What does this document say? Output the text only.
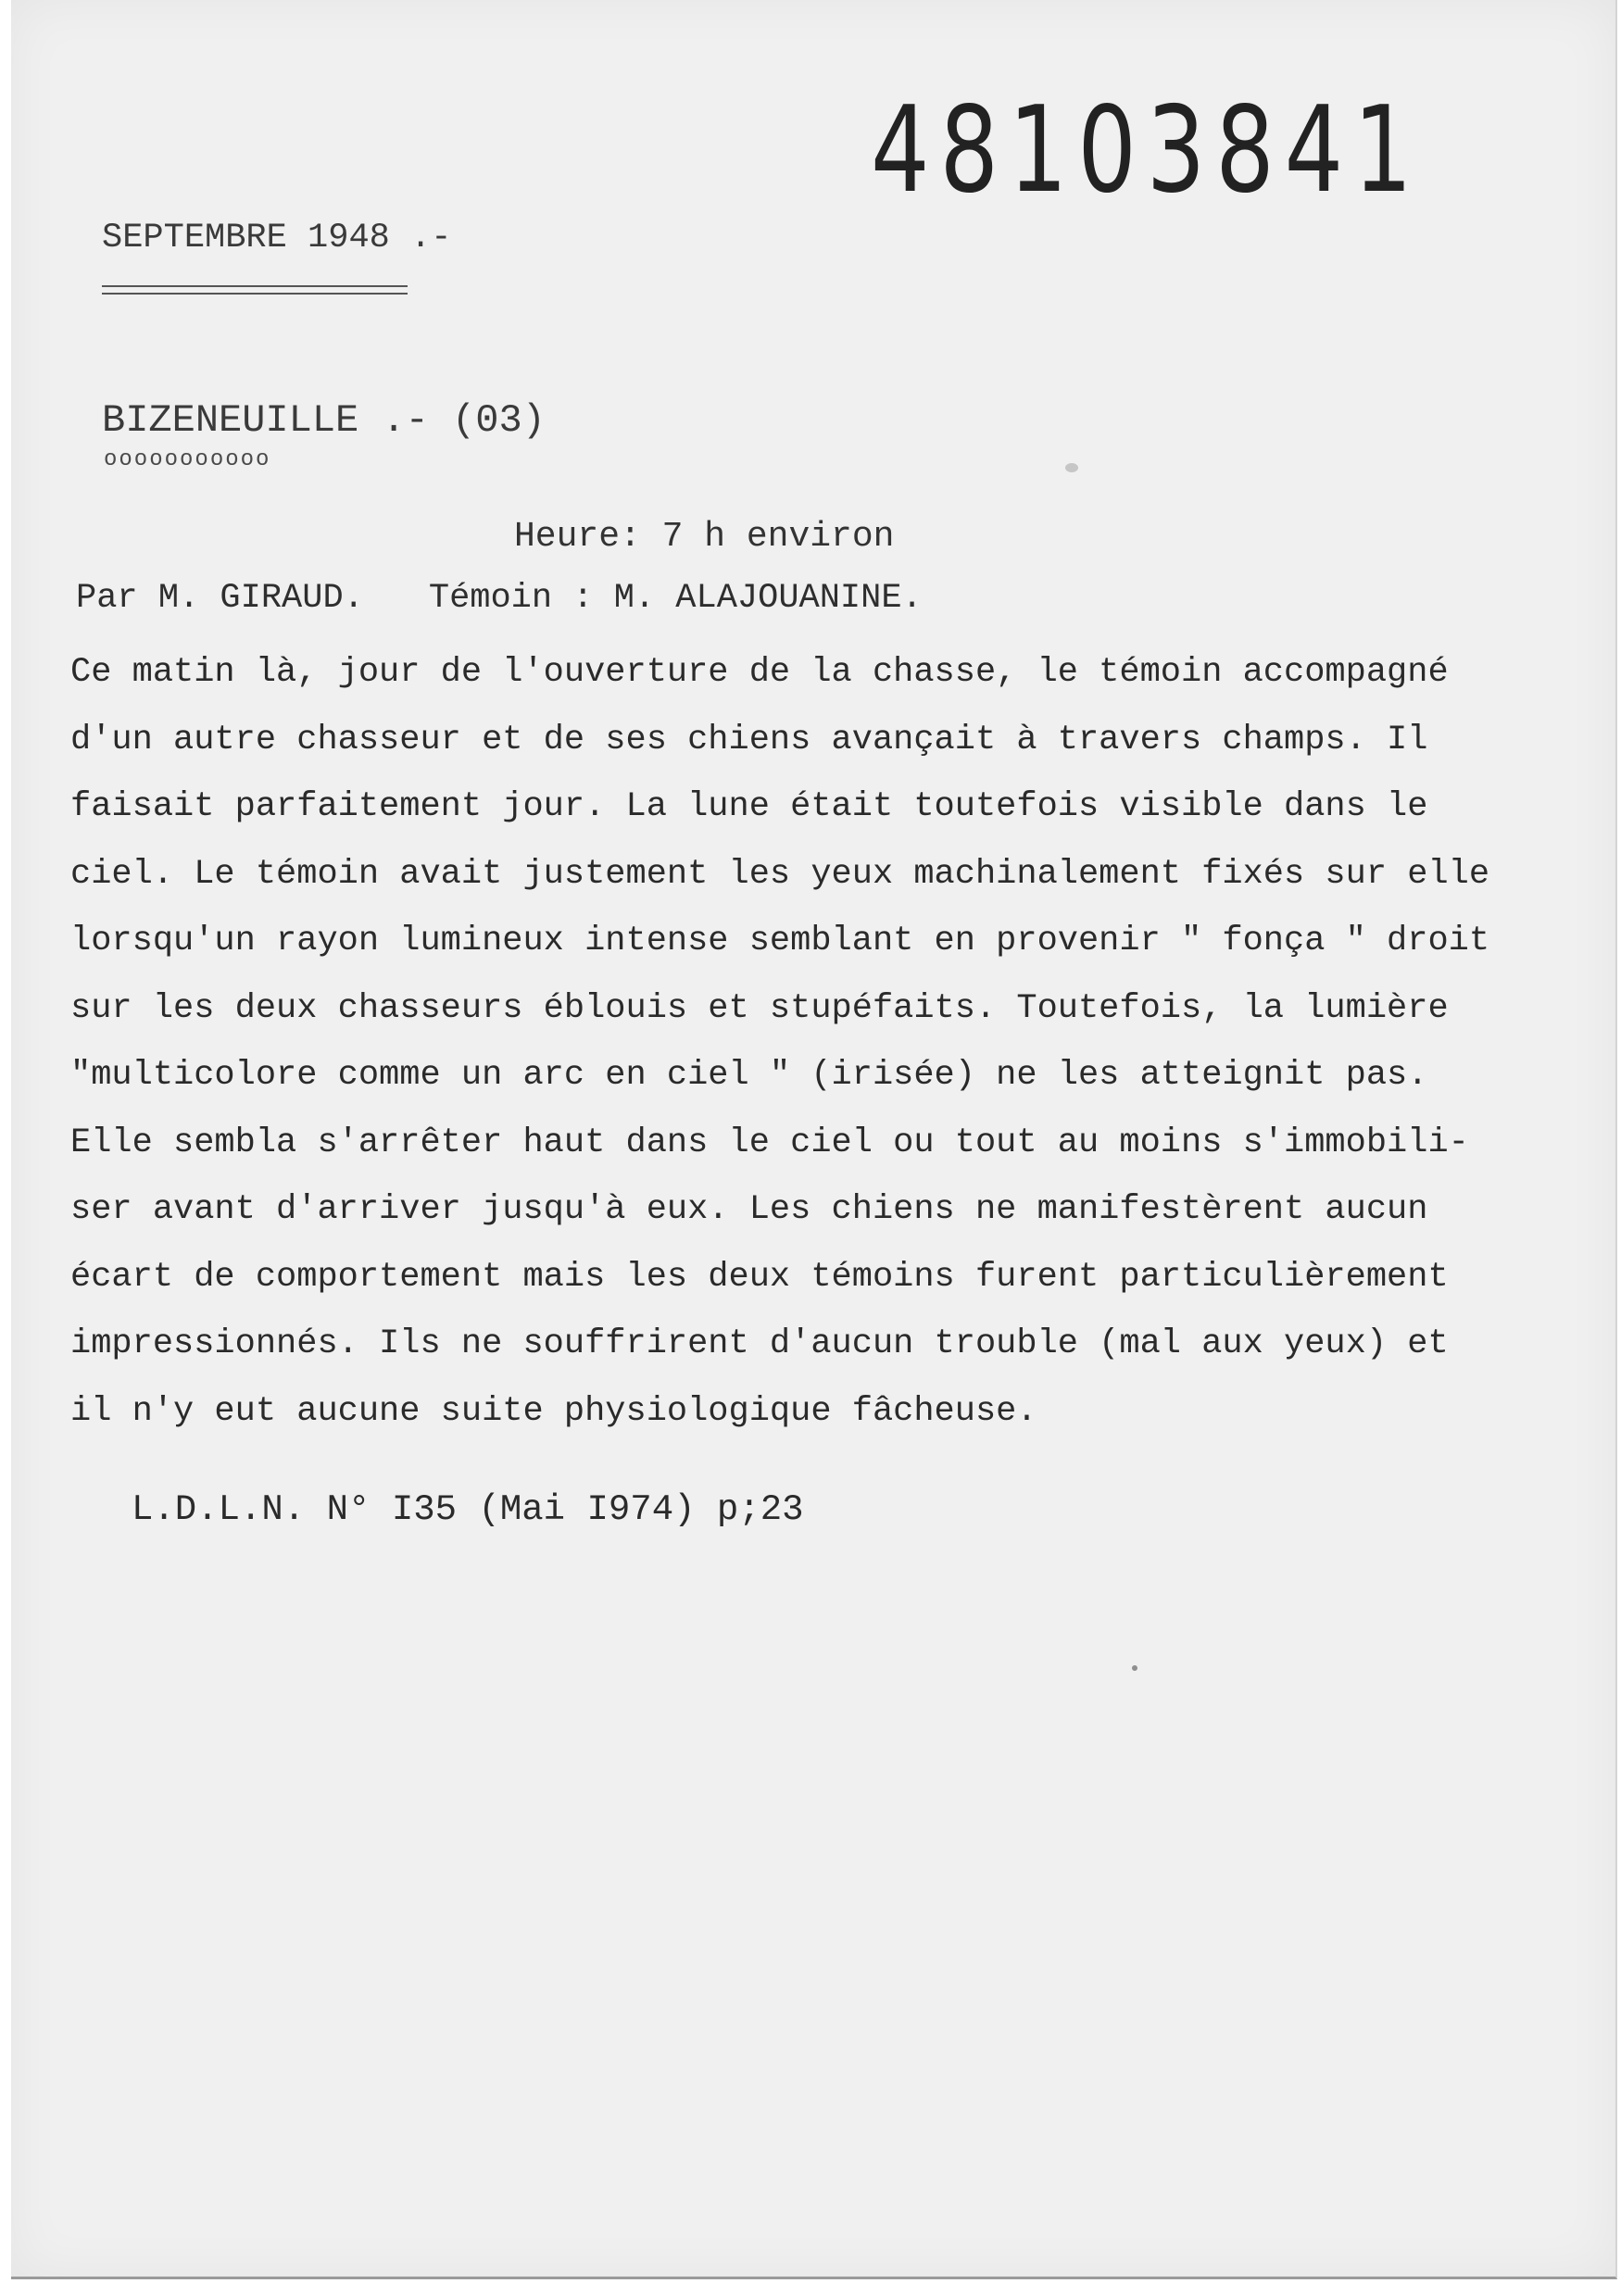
48103841
SEPTEMBRE 1948 .-
BIZENEUILLE .- (03)
ooooooooooo
Heure: 7 h environ
Par M. GIRAUD. Témoin : M. ALAJOUANINE.
Ce matin là, jour de l'ouverture de la chasse, le témoin accompagné
d'un autre chasseur et de ses chiens avançait à travers champs. Il
faisait parfaitement jour. La lune était toutefois visible dans le
ciel. Le témoin avait justement les yeux machinalement fixés sur elle
lorsqu'un rayon lumineux intense semblant en provenir " fonça " droit
sur les deux chasseurs éblouis et stupéfaits. Toutefois, la lumière
"multicolore comme un arc en ciel " (irisée) ne les atteignit pas.
Elle sembla s'arrêter haut dans le ciel ou tout au moins s'immobili-
ser avant d'arriver jusqu'à eux. Les chiens ne manifestèrent aucun
écart de comportement mais les deux témoins furent particulièrement
impressionnés. Ils ne souffrirent d'aucun trouble (mal aux yeux) et
il n'y eut aucune suite physiologique fâcheuse.
L.D.L.N. N° I35 (Mai I974) p;23
